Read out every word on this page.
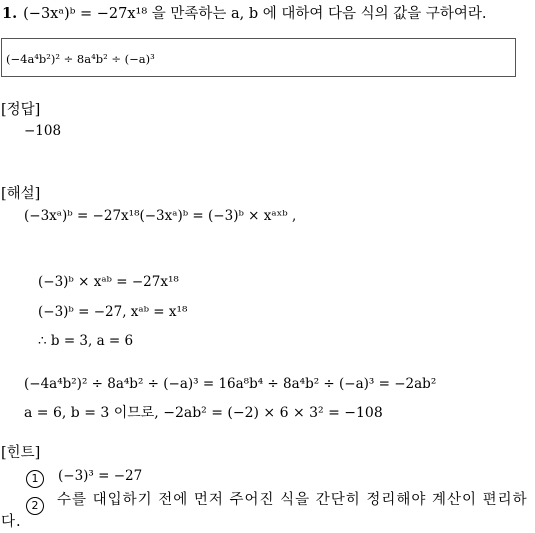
1. (−3xᵃ)ᵇ = −27x¹⁸ 을 만족하는 a, b 에 대하여 다음 식의 값을 구하여라.
(−4a⁴b²)² ÷ 8a⁴b² ÷ (−a)³
[정답]
−108
[해설]
(−3xᵃ)ᵇ = −27x¹⁸(−3xᵃ)ᵇ = (−3)ᵇ × xᵃˣᵇ ,
(−3)ᵇ × xᵃᵇ = −27x¹⁸
(−3)ᵇ = −27, xᵃᵇ = x¹⁸
∴ b = 3, a = 6
(−4a⁴b²)² ÷ 8a⁴b² ÷ (−a)³ = 16a⁸b⁴ ÷ 8a⁴b² ÷ (−a)³ = −2ab²
a = 6, b = 3 이므로, −2ab² = (−2) × 6 × 3² = −108
[힌트]
1 (−3)³ = −27
2	수를 대입하기 전에 먼저 주어진 식을 간단히 정리해야 계산이 편리하다.
